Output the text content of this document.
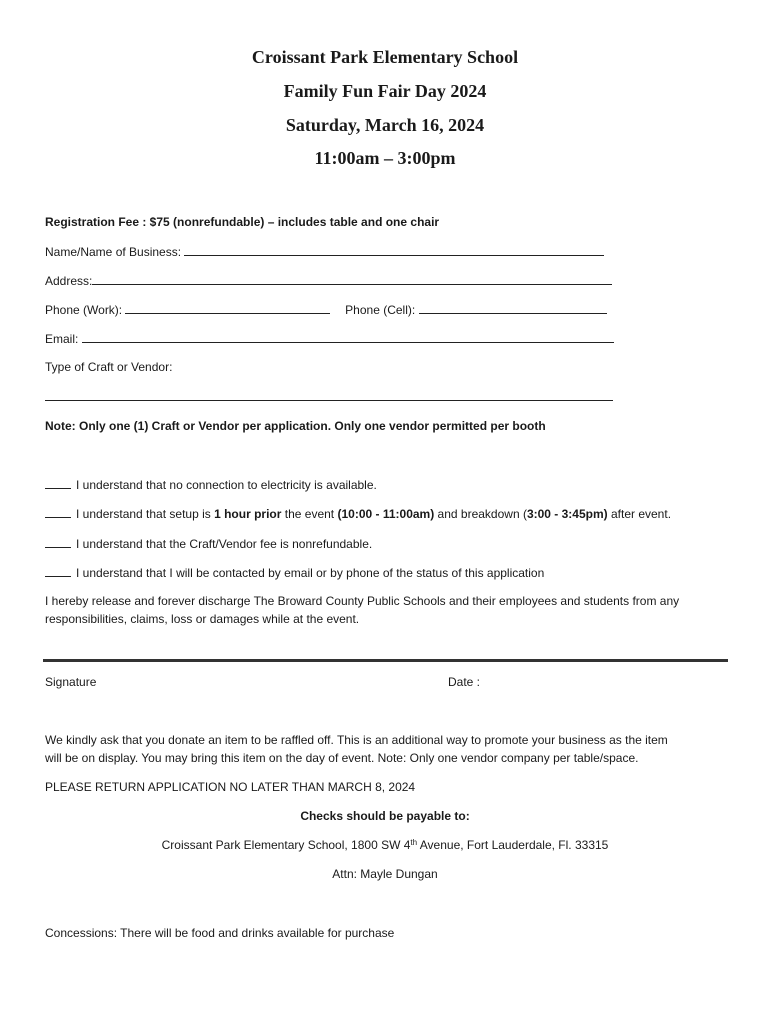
Croissant Park Elementary School
Family Fun Fair Day 2024
Saturday, March 16, 2024
11:00am – 3:00pm
Registration Fee : $75 (nonrefundable) – includes table and one chair
Name/Name of Business:
Address:
Phone (Work):	Phone (Cell):
Email:
Type of Craft or Vendor:
Note: Only one (1) Craft or Vendor per application. Only one vendor permitted per booth
I understand that no connection to electricity is available.
I understand that setup is 1 hour prior the event (10:00 - 11:00am) and breakdown (3:00 - 3:45pm) after event.
I understand that the Craft/Vendor fee is nonrefundable.
I understand that I will be contacted by email or by phone of the status of this application
I hereby release and forever discharge The Broward County Public Schools and their employees and students from any
responsibilities, claims, loss or damages while at the event.
Signature	Date :
We kindly ask that you donate an item to be raffled off. This is an additional way to promote your business as the item
will be on display. You may bring this item on the day of event. Note: Only one vendor company per table/space.
PLEASE RETURN APPLICATION NO LATER THAN MARCH 8, 2024
Checks should be payable to:
Croissant Park Elementary School, 1800 SW 4th Avenue, Fort Lauderdale, Fl. 33315
Attn: Mayle Dungan
Concessions: There will be food and drinks available for purchase
